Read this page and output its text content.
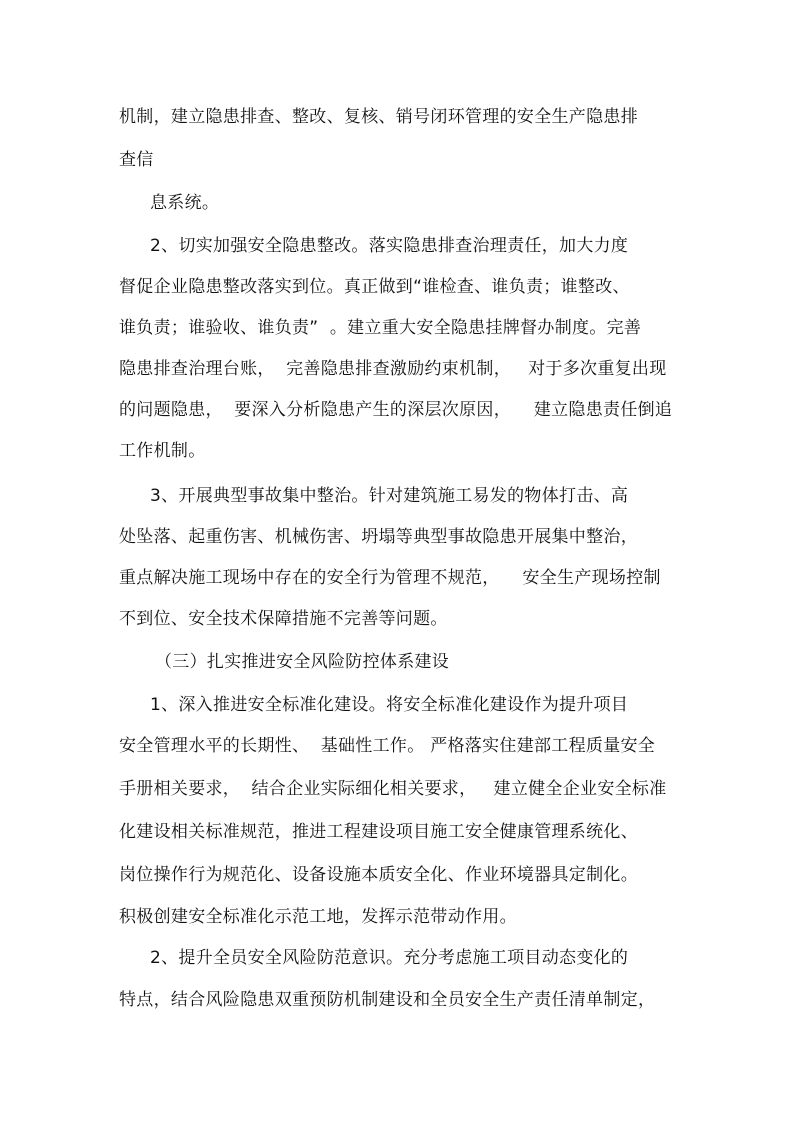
机制，建立隐患排查、整改、复核、销号闭环管理的安全生产隐患排
查信
息系统。
2、切实加强安全隐患整改。落实隐患排查治理责任，加大力度
督促企业隐患整改落实到位。真正做到“谁检查、谁负责；谁整改、
谁负责；谁验收、谁负责”  。建立重大安全隐患挂牌督办制度。完善
隐患排查治理台账，  完善隐患排查激励约束机制，   对于多次重复出现
的问题隐患，  要深入分析隐患产生的深层次原因，    建立隐患责任倒追
工作机制。
3、开展典型事故集中整治。针对建筑施工易发的物体打击、高
处坠落、起重伤害、机械伤害、坍塌等典型事故隐患开展集中整治，
重点解决施工现场中存在的安全行为管理不规范，    安全生产现场控制
不到位、安全技术保障措施不完善等问题。
（三）扎实推进安全风险防控体系建设
1、深入推进安全标准化建设。将安全标准化建设作为提升项目
安全管理水平的长期性、  基础性工作。 严格落实住建部工程质量安全
手册相关要求，  结合企业实际细化相关要求，   建立健全企业安全标准
化建设相关标准规范，推进工程建设项目施工安全健康管理系统化、
岗位操作行为规范化、设备设施本质安全化、作业环境器具定制化。
积极创建安全标准化示范工地，发挥示范带动作用。
2、提升全员安全风险防范意识。充分考虑施工项目动态变化的
特点，结合风险隐患双重预防机制建设和全员安全生产责任清单制定，
